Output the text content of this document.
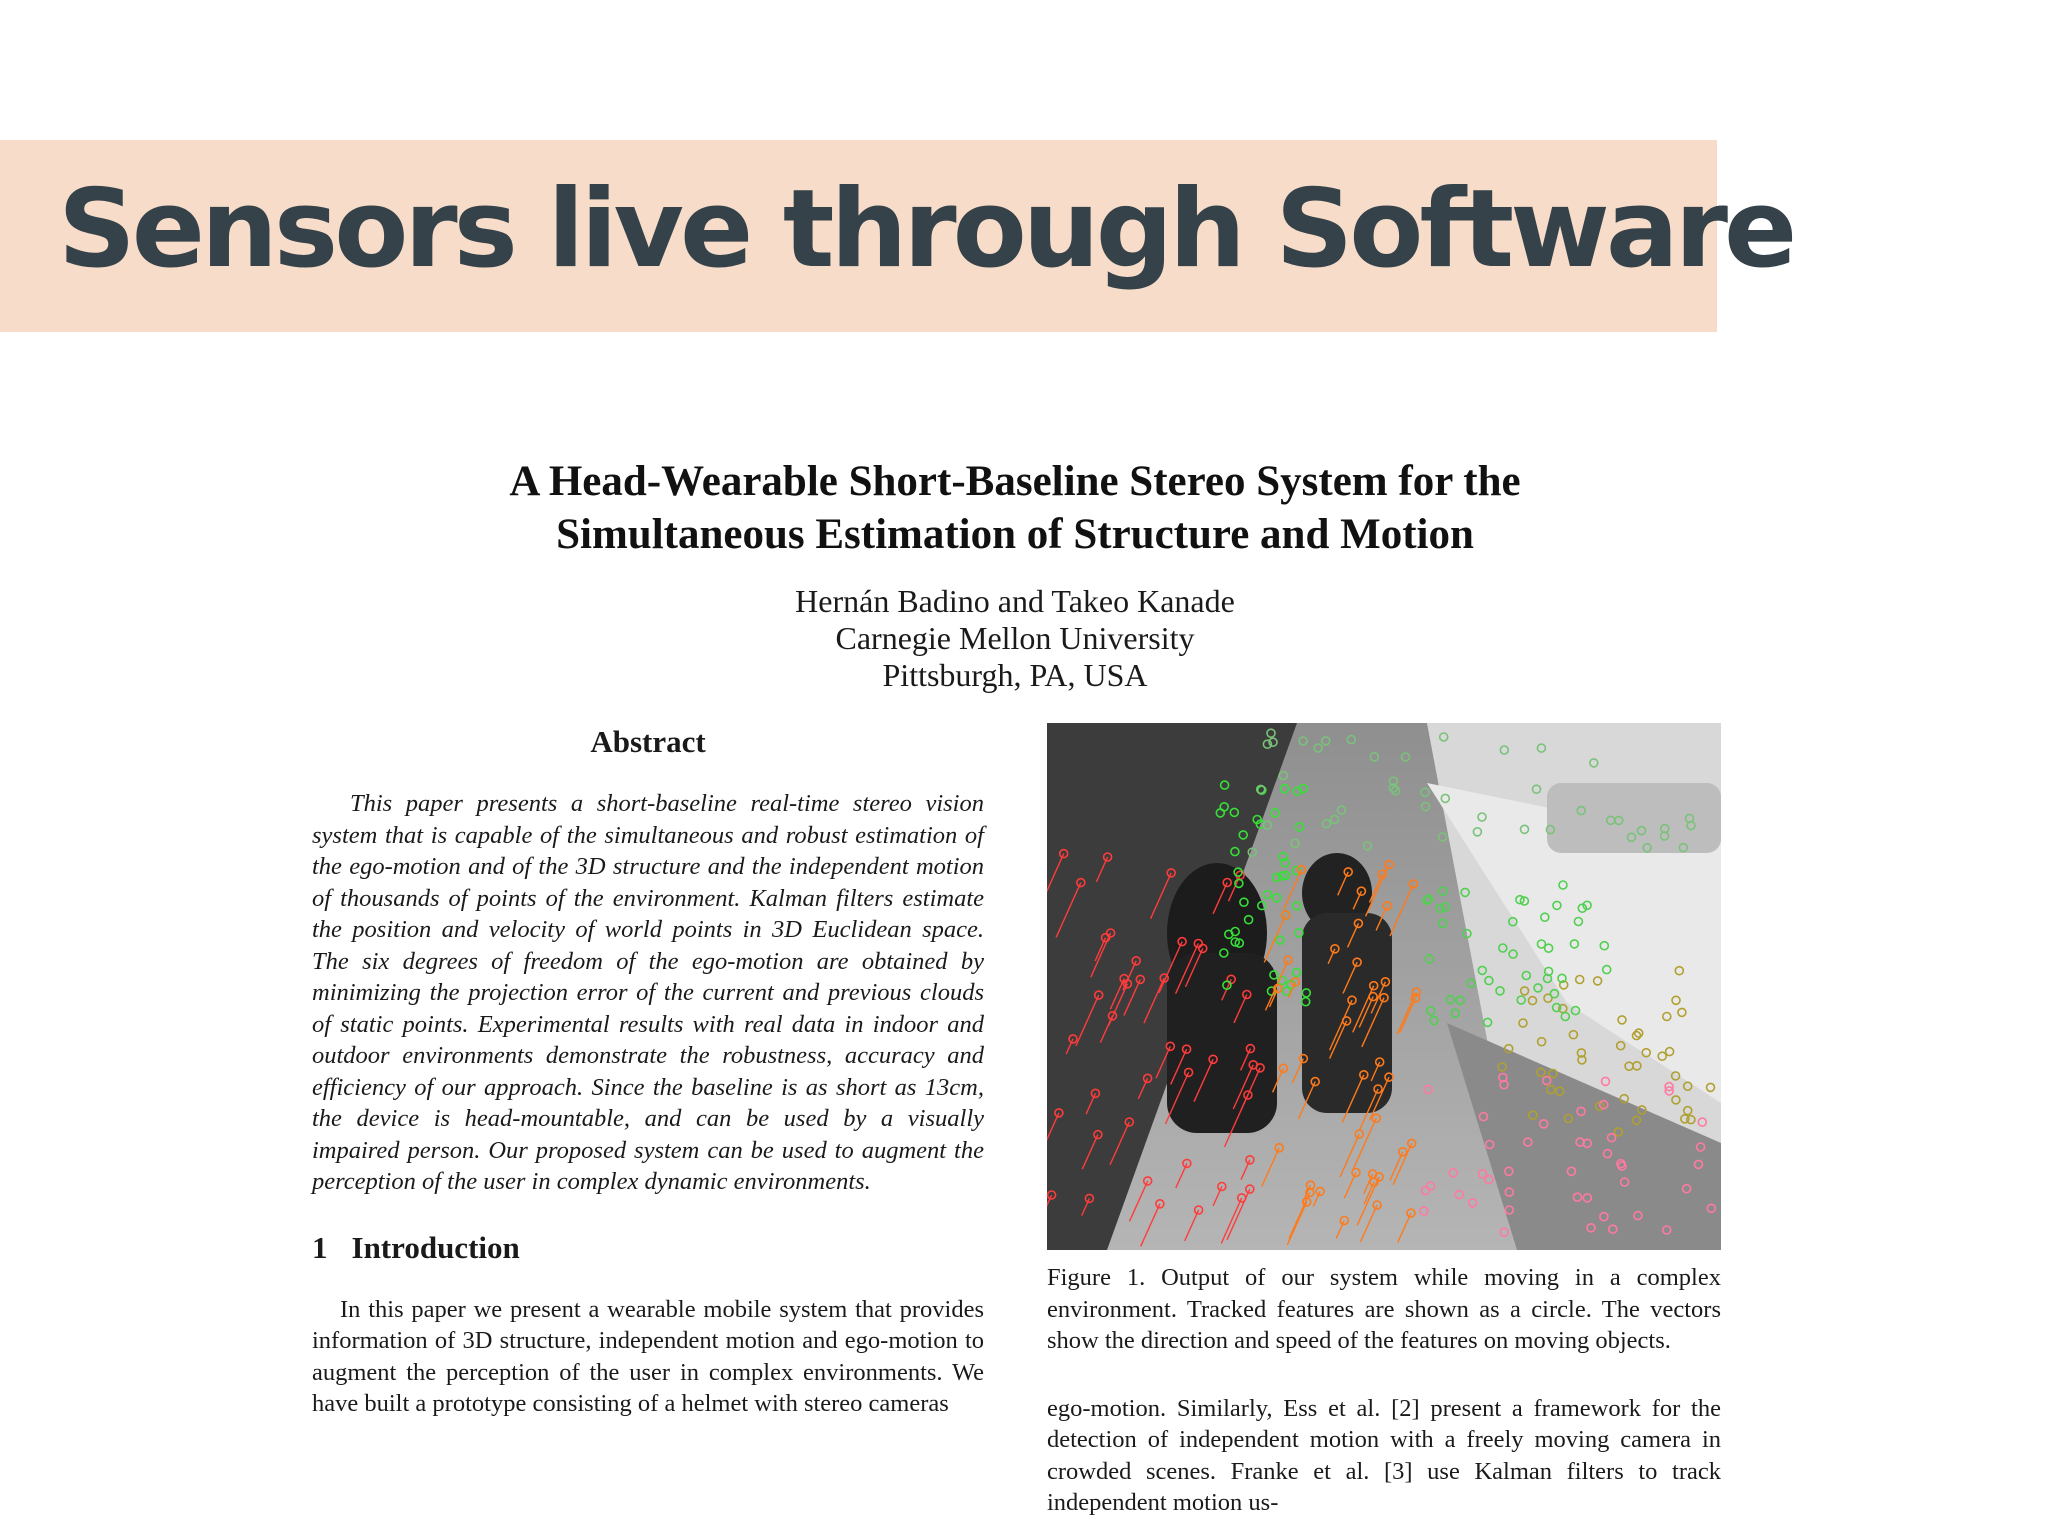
Sensors live through Software
A Head-Wearable Short-Baseline Stereo System for the
Simultaneous Estimation of Structure and Motion
Hernán Badino and Takeo Kanade
Carnegie Mellon University
Pittsburgh, PA, USA
Abstract

This paper presents a short-baseline real-time stereo vision system that is capable of the simultaneous and robust estimation of the ego-motion and of the 3D structure and the independent motion of thousands of points of the environment. Kalman filters estimate the position and velocity of world points in 3D Euclidean space. The six degrees of freedom of the ego-motion are obtained by minimizing the projection error of the current and previous clouds of static points. Experimental results with real data in indoor and outdoor environments demonstrate the robustness, accuracy and efficiency of our approach. Since the baseline is as short as 13cm, the device is head-mountable, and can be used by a visually impaired person. Our proposed system can be used to augment the perception of the user in complex dynamic environments.

1 Introduction

In this paper we present a wearable mobile system that provides information of 3D structure, independent motion and ego-motion to augment the perception of the user in complex environments. We have built a prototype consisting of a helmet with stereo cameras

Figure 1. Output of our system while moving in a complex environment. Tracked features are shown as a circle. The vectors show the direction and speed of the features on moving objects.

ego-motion. Similarly, Ess et al. [2] present a framework for the detection of independent motion with a freely moving camera in crowded scenes. Franke et al. [3] use Kalman filters to track independent motion us-
